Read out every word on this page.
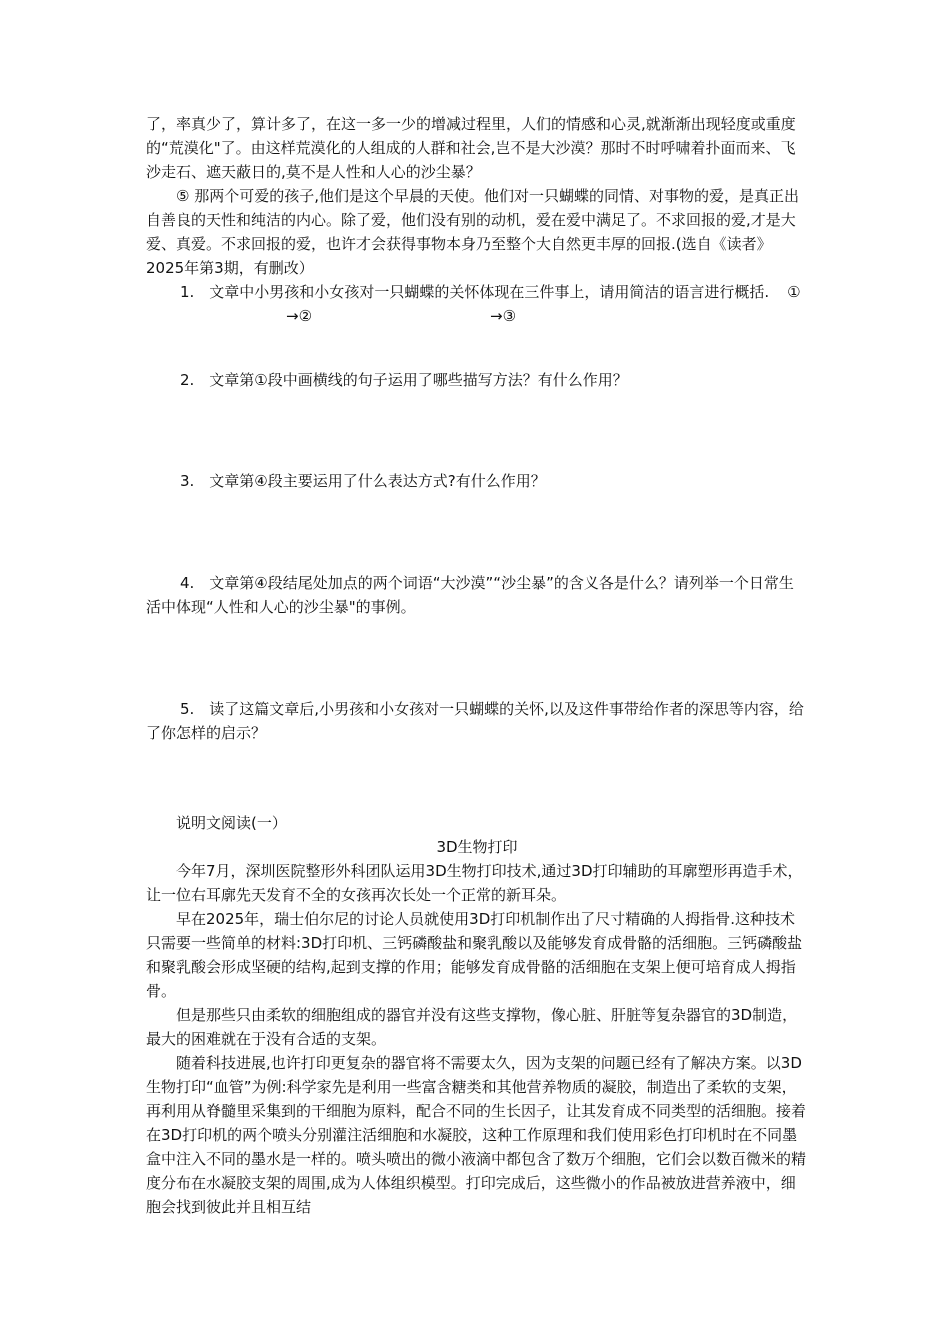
了，率真少了，算计多了，在这一多一少的增减过程里，人们的情感和心灵,就渐渐出现轻度或重度的“荒漠化"了。由这样荒漠化的人组成的人群和社会,岂不是大沙漠？那时不时呼啸着扑面而来、飞沙走石、遮天蔽日的,莫不是人性和人心的沙尘暴？

⑤ 那两个可爱的孩子,他们是这个早晨的天使。他们对一只蝴蝶的同情、对事物的爱，是真正出自善良的天性和纯洁的内心。除了爱，他们没有别的动机，爱在爱中满足了。不求回报的爱,才是大爱、真爱。不求回报的爱，也许才会获得事物本身乃至整个大自然更丰厚的回报.(选自《读者》2025年第3期，有删改）

1.　文章中小男孩和小女孩对一只蝴蝶的关怀体现在三件事上，请用简洁的语言进行概括. ①→②	→③

2.　文章第①段中画横线的句子运用了哪些描写方法？有什么作用？

3.　文章第④段主要运用了什么表达方式?有什么作用？

4.　文章第④段结尾处加点的两个词语“大沙漠”“沙尘暴”的含义各是什么？请列举一个日常生活中体现“人性和人心的沙尘暴"的事例。

5.　读了这篇文章后,小男孩和小女孩对一只蝴蝶的关怀,以及这件事带给作者的深思等内容，给了你怎样的启示？

说明文阅读(一）

3D生物打印

今年7月，深圳医院整形外科团队运用3D生物打印技术,通过3D打印辅助的耳廓塑形再造手术，让一位右耳廓先天发育不全的女孩再次长处一个正常的新耳朵。

早在2025年，瑞士伯尔尼的讨论人员就使用3D打印机制作出了尺寸精确的人拇指骨.这种技术只需要一些简单的材料:3D打印机、三钙磷酸盐和聚乳酸以及能够发育成骨骼的活细胞。三钙磷酸盐和聚乳酸会形成坚硬的结构,起到支撑的作用；能够发育成骨骼的活细胞在支架上便可培育成人拇指骨。

但是那些只由柔软的细胞组成的器官并没有这些支撑物，像心脏、肝脏等复杂器官的3D制造，最大的困难就在于没有合适的支架。

随着科技进展,也许打印更复杂的器官将不需要太久，因为支架的问题已经有了解决方案。以3D生物打印“血管”为例:科学家先是利用一些富含糖类和其他营养物质的凝胶，制造出了柔软的支架，再利用从脊髓里采集到的干细胞为原料，配合不同的生长因子，让其发育成不同类型的活细胞。接着在3D打印机的两个喷头分别灌注活细胞和水凝胶，这种工作原理和我们使用彩色打印机时在不同墨盒中注入不同的墨水是一样的。喷头喷出的微小液滴中都包含了数万个细胞，它们会以数百微米的精度分布在水凝胶支架的周围,成为人体组织模型。打印完成后，这些微小的作品被放进营养液中，细胞会找到彼此并且相互结
